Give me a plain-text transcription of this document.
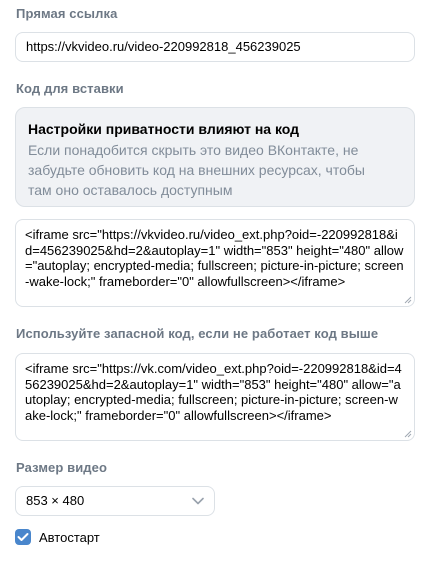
Прямая ссылка
https://vkvideo.ru/video-220992818_456239025
Код для вставки
Настройки приватности влияют на код
Если понадобится скрыть это видео ВКонтакте, не забудьте обновить код на внешних ресурсах, чтобы там оно оставалось доступным
<iframe src="https://vkvideo.ru/video_ext.php?oid=-220992818&id=456239025&hd=2&autoplay=1" width="853" height="480" allow="autoplay; encrypted-media; fullscreen; picture-in-picture; screen-wake-lock;" frameborder="0" allowfullscreen></iframe>
Используйте запасной код, если не работает код выше
<iframe src="https://vk.com/video_ext.php?oid=-220992818&id=456239025&hd=2&autoplay=1" width="853" height="480" allow="autoplay; encrypted-media; fullscreen; picture-in-picture; screen-wake-lock;" frameborder="0" allowfullscreen></iframe>
Размер видео
853 × 480
Автостарт
